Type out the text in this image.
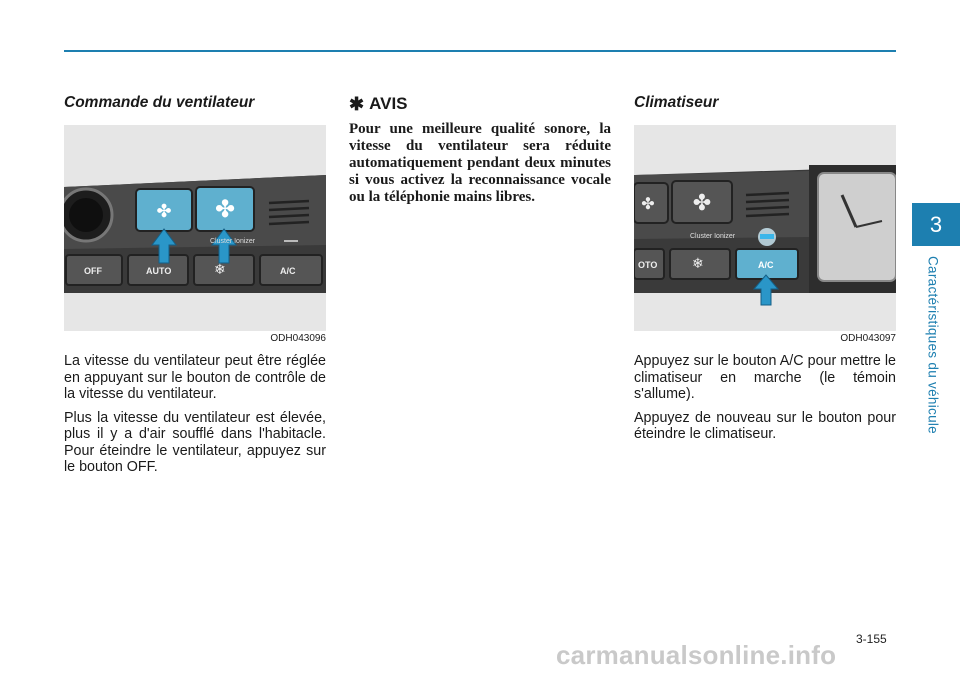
Commande du ventilateur
✤ ✤
Cluster Ionizer
OFF	AUTO	❄	A/C
ODH043096

La vitesse du ventilateur peut être réglée en appuyant sur le bouton de contrôle de la vitesse du ventilateur.

Plus la vitesse du ventilateur est élevée, plus il y a d'air soufflé dans l'habitacle. Pour éteindre le ventilateur, appuyez sur le bouton OFF.

✱ AVIS

Pour une meilleure qualité sonore, la vitesse du ventilateur sera réduite automatiquement pendant deux minutes si vous activez la reconnaissance vocale ou la téléphonie mains libres.

Climatiseur
✤ ✤
Cluster Ionizer
OTO ❄	A/C
ODH043097

Appuyez sur le bouton A/C pour mettre le climatiseur en marche (le témoin s'allume).

Appuyez de nouveau sur le bouton pour éteindre le climatiseur.

3
Caractéristiques du véhicule
3-155
carmanualsonline.info
